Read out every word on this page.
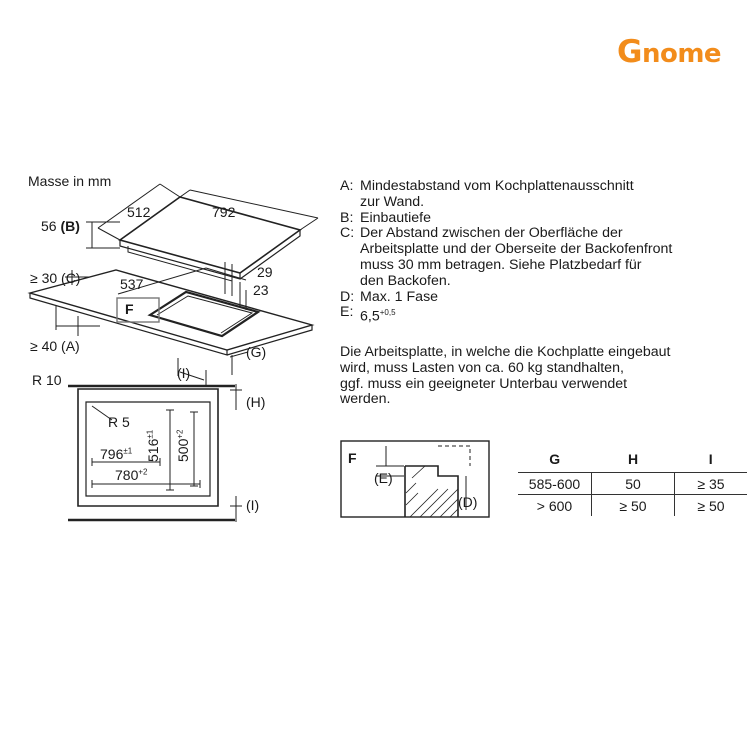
Gnome
Masse in mm
512	792
56 (B)
≥ 30 (C)	537
29
23
F
≥ 40 (A)	(G)
(I)
R 10
(H)
(I)
R 5
$796^{\pm 1}$
$780^{+2}$
$516^{\pm 1}$
$500^{+2}$
F
(E)
(D)
A: Mindestabstand vom Kochplattenausschnitt
zur Wand.
B: Einbautiefe
C: Der Abstand zwischen der Oberfläche der
Arbeitsplatte und der Oberseite der Backofenfront
muss 30 mm betragen. Siehe Platzbedarf für
den Backofen.
D: Max. 1 Fase
E: $6,5^{+0,5}$
Die Arbeitsplatte, in welche die Kochplatte eingebaut
wird, muss Lasten von ca. 60 kg standhalten,
ggf. muss ein geeigneter Unterbau verwendet
werden.
G	H	I
585-600	50	≥ 35
> 600	≥ 50	≥ 50
